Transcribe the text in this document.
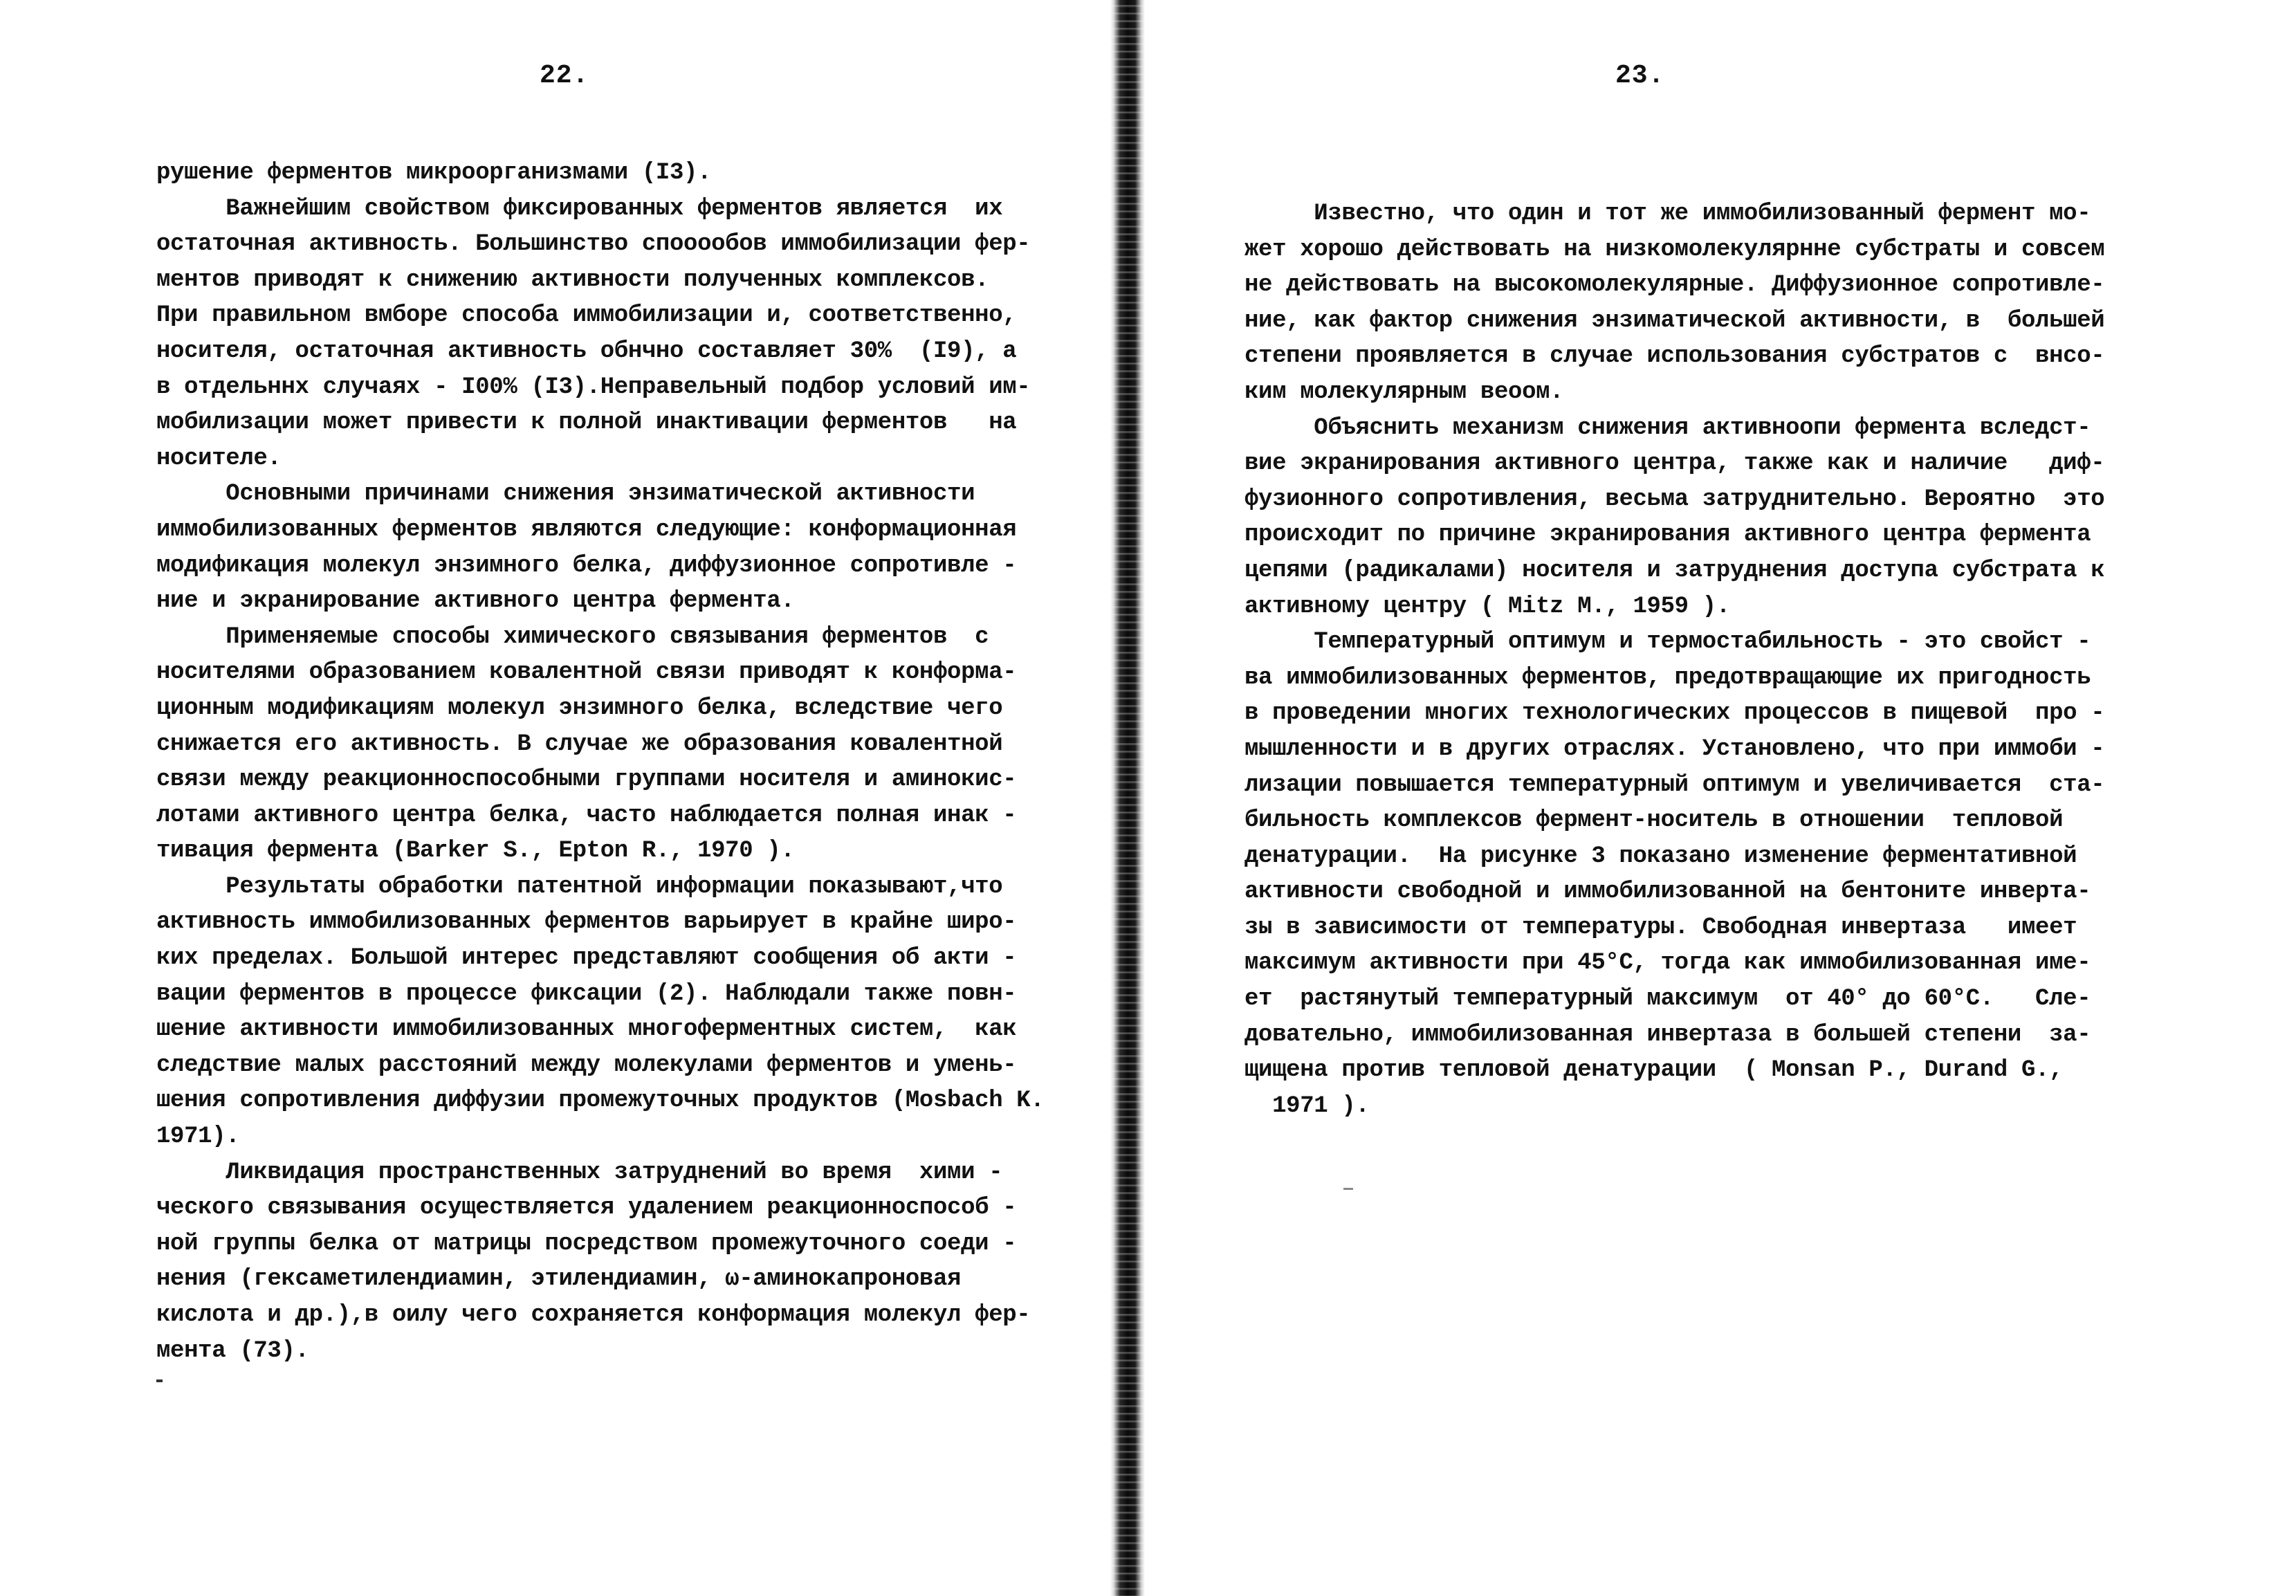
22.
рушение ферментов микроорганизмами (I3).
Важнейшим свойством фиксированных ферментов является  их
остаточная активность. Большинство спооообов иммобилизации фер-
ментов приводят к снижению активности полученных комплексов.
При правильном вмборе способа иммобилизации и, соответственно,
носителя, остаточная активность обнчно составляет 30%  (I9), а
в отдельннх случаях - I00% (I3).Неправельный подбор условий им-
мобилизации может привести к полной инактивации ферментов   на
носителе.
Основными причинами снижения энзиматической активности
иммобилизованных ферментов являются следующие: конформационная
модификация молекул энзимного белка, диффузионное сопротивле -
ние и экранирование активного центра фермента.
Применяемые способы химического связывания ферментов  с
носителями образованием ковалентной связи приводят к конформа-
ционным модификациям молекул энзимного белка, вследствие чего
снижается его активность. В случае же образования ковалентной
связи между реакционноспособными группами носителя и аминокис-
лотами активного центра белка, часто наблюдается полная инак -
тивация фермента (Barker S., Epton R., 1970 ).
Результаты обработки патентной информации показывают,что
активность иммобилизованных ферментов варьирует в крайне широ-
ких пределах. Большой интерес представляют сообщения об акти -
вации ферментов в процессе фиксации (2). Наблюдали также повн-
шение активности иммобилизованных многоферментных систем,  как
следствие малых расстояний между молекулами ферментов и умень-
шения сопротивления диффузии промежуточных продуктов (Mosbach K.
1971).
Ликвидация пространственных затруднений во время  хими -
ческого связывания осуществляется удалением реакционноспособ -
ной группы белка от матрицы посредством промежуточного соеди -
нения (гексаметилендиамин, этилендиамин, ω-аминокапроновая
кислота и др.),в оилу чего сохраняется конформация молекул фер-
мента (73).
23.
Известно, что один и тот же иммобилизованный фермент мо-
жет хорошо действовать на низкомолекулярнне субстраты и совсем
не действовать на высокомолекулярные. Диффузионное сопротивле-
ние, как фактор снижения энзиматической активности, в  большей
степени проявляется в случае использования субстратов с  внсо-
ким молекулярным веоом.
Объяснить механизм снижения активноопи фермента вследст-
вие экранирования активного центра, также как и наличие   диф-
фузионного сопротивления, весьма затруднительно. Вероятно  это
происходит по причине экранирования активного центра фермента
цепями (радикалами) носителя и затруднения доступа субстрата к
активному центру ( Mitz M., 1959 ).
Температурный оптимум и термостабильность - это свойст -
ва иммобилизованных ферментов, предотвращающие их пригодность
в проведении многих технологических процессов в пищевой  про -
мышленности и в других отраслях. Установлено, что при иммоби -
лизации повышается температурный оптимум и увеличивается  ста-
бильность комплексов фермент-носитель в отношении  тепловой
денатурации.  На рисунке 3 показано изменение ферментативной
активности свободной и иммобилизованной на бентоните инверта-
зы в зависимости от температуры. Свободная инвертаза   имеет
максимум активности при 45°С, тогда как иммобилизованная име-
ет  растянутый температурный максимум  от 40° до 60°С.   Сле-
довательно, иммобилизованная инвертаза в большей степени  за-
щищена против тепловой денатурации  ( Monsan P., Durand G.,
1971 ).
